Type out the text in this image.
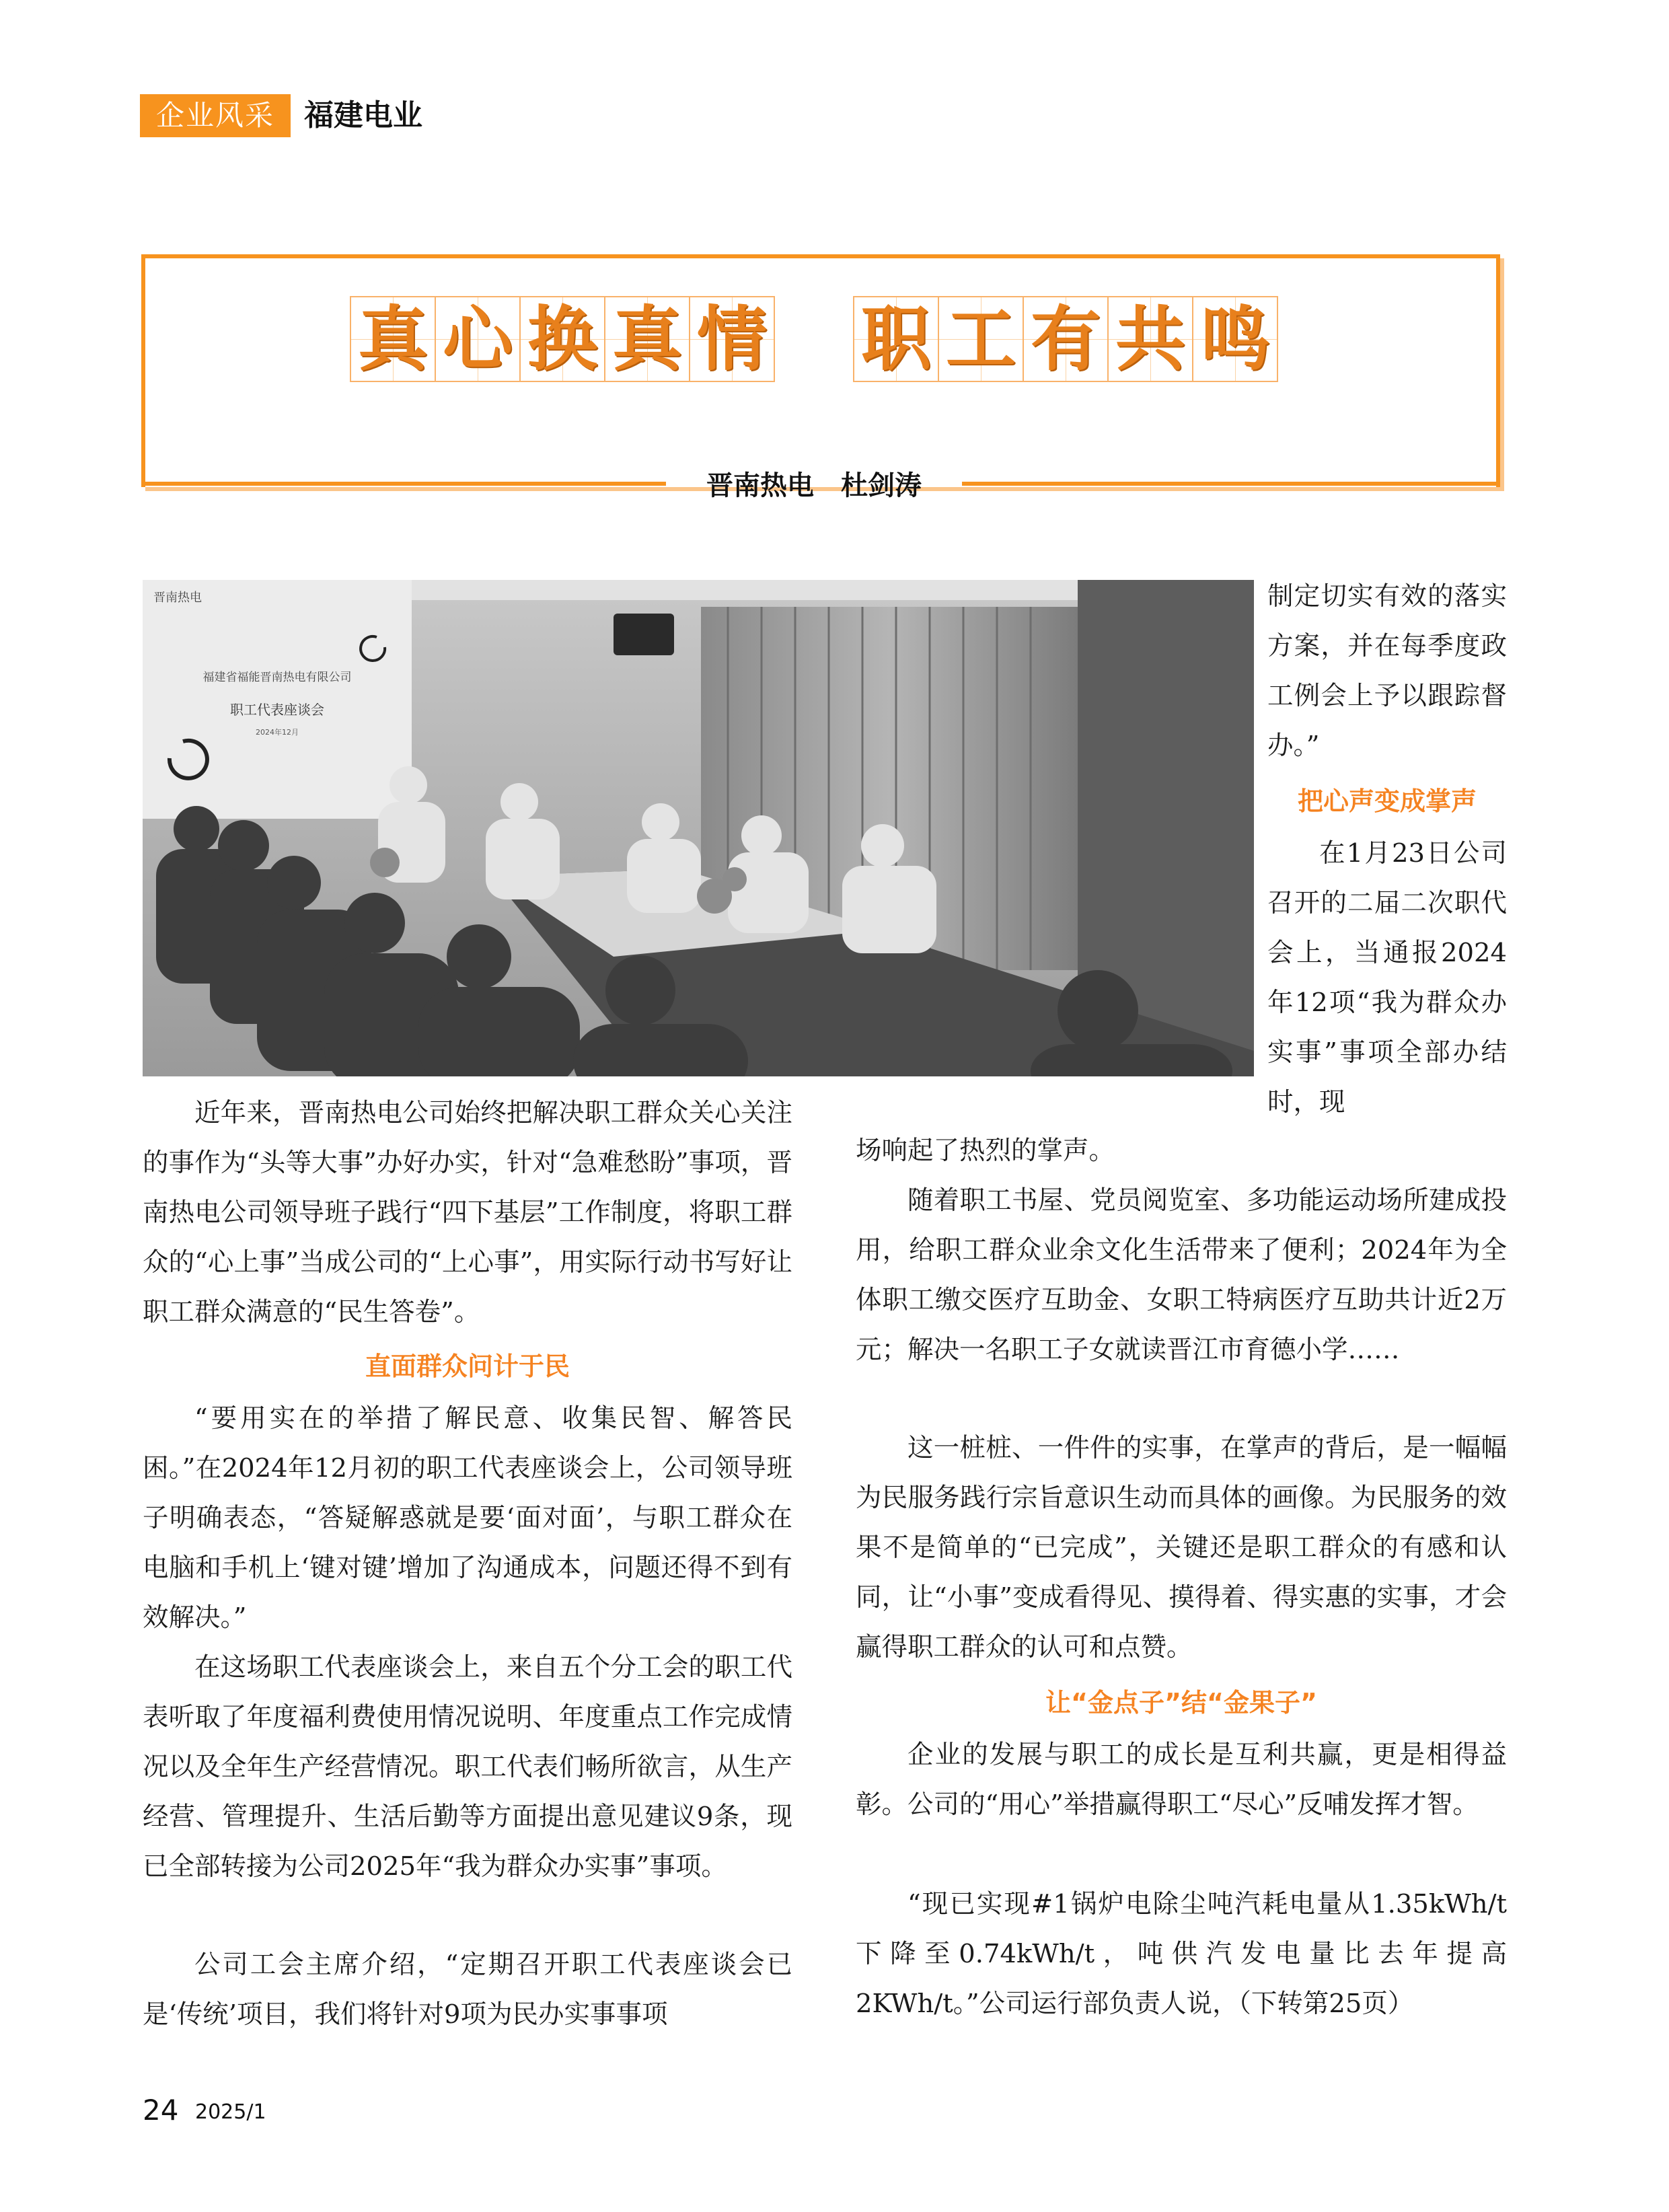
企业风采	福建电业
真 心 换 真 情 职 工 有 共 鸣
晋南热电　杜剑涛
晋南热电
福建省福能晋南热电有限公司
职工代表座谈会
2024年12月

制定切实有效的落实方案，并在每季度政工例会上予以跟踪督办。”

把心声变成掌声

在1月23日公司召开的二届二次职代会上，当通报2024年12项“我为群众办实事”事项全部办结时，现

近年来，晋南热电公司始终把解决职工群众关心关注的事作为“头等大事”办好办实，针对“急难愁盼”事项，晋南热电公司领导班子践行“四下基层”工作制度，将职工群众的“心上事”当成公司的“上心事”，用实际行动书写好让职工群众满意的“民生答卷”。

直面群众问计于民

“要用实在的举措了解民意、收集民智、解答民困。”在2024年12月初的职工代表座谈会上，公司领导班子明确表态，“答疑解惑就是要‘面对面’，与职工群众在电脑和手机上‘键对键’增加了沟通成本，问题还得不到有效解决。”

在这场职工代表座谈会上，来自五个分工会的职工代表听取了年度福利费使用情况说明、年度重点工作完成情况以及全年生产经营情况。职工代表们畅所欲言，从生产经营、管理提升、生活后勤等方面提出意见建议9条，现已全部转接为公司2025年“我为群众办实事”事项。

公司工会主席介绍，“定期召开职工代表座谈会已是‘传统’项目，我们将针对9项为民办实事事项

场响起了热烈的掌声。

随着职工书屋、党员阅览室、多功能运动场所建成投用，给职工群众业余文化生活带来了便利；2024年为全体职工缴交医疗互助金、女职工特病医疗互助共计近2万元；解决一名职工子女就读晋江市育德小学……

这一桩桩、一件件的实事，在掌声的背后，是一幅幅为民服务践行宗旨意识生动而具体的画像。为民服务的效果不是简单的“已完成”，关键还是职工群众的有感和认同，让“小事”变成看得见、摸得着、得实惠的实事，才会赢得职工群众的认可和点赞。

让“金点子”结“金果子”

企业的发展与职工的成长是互利共赢，更是相得益彰。公司的“用心”举措赢得职工“尽心”反哺发挥才智。

“现已实现#1锅炉电除尘吨汽耗电量从1.35kWh/t下降至0.74kWh/t，吨供汽发电量比去年提高2KWh/t。”公司运行部负责人说，（下转第25页）

24 2025/1
